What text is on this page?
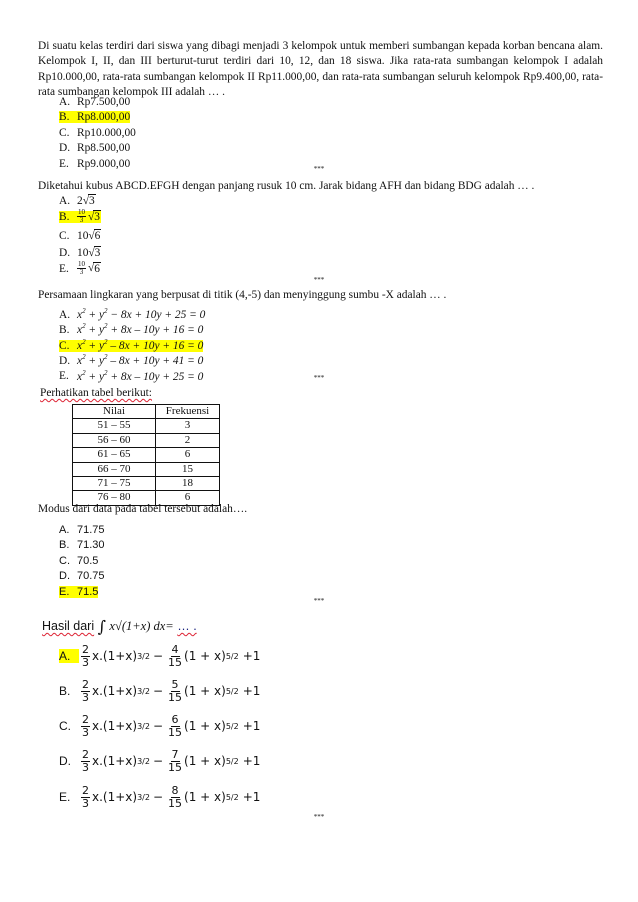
Di suatu kelas terdiri dari siswa yang dibagi menjadi 3 kelompok untuk memberi sumbangan kepada korban bencana alam. Kelompok I, II, dan III berturut-turut terdiri dari 10, 12, dan 18 siswa. Jika rata-rata sumbangan kelompok I adalah Rp10.000,00, rata-rata sumbangan kelompok II Rp11.000,00, dan rata-rata sumbangan seluruh kelompok Rp9.400,00, rata-rata sumbangan kelompok III adalah … .
A. Rp7.500,00
B. Rp8.000,00
C. Rp10.000,00
D. Rp8.500,00
E. Rp9.000,00	***
Diketahui kubus ABCD.EFGH dengan panjang rusuk 10 cm. Jarak bidang AFH dan bidang BDG adalah … .
A. 2√3
B. $\frac{10}{3} √3$
C. 10√6
D. 10√3
E. $\frac{10}{3} √6$
***
Persamaan lingkaran yang berpusat di titik (4,-5) dan menyinggung sumbu -X adalah … .
A. $x^2 + y^2 - 8x + 10y + 25 = 0$
B. $x^2 + y^2 + 8x - 10y + 16 = 0$
C. $x^2 + y^2 - 8x + 10y + 16 = 0$
D. $x^2 + y^2 - 8x + 10y + 41 = 0$
E. $x^2 + y^2 + 8x - 10y + 25 = 0$	***
Perhatikan tabel berikut:
Nilai	Frekuensi
51 – 55	3
56 – 60	2
61 – 65	6
66 – 70	15
71 – 75	18
76 – 80	6
Modus dari data pada tabel tersebut adalah….
A. 71.75
B. 71.30
C. 70.5
D. 70.75
E. 71.5
***
Hasil dari ∫ x√(1+x) dx= … .
A.	2
3 x.(1+x) $3/2 - \frac{4}{15} (1 + x)$ 5/2 +1
B.	2
3 x.(1+x) $3/2 - \frac{5}{15} (1 + x)$ 5/2 +1
C.	2
3 x.(1+x) $3/2 - \frac{6}{15} (1 + x)$ 5/2 +1
D.	2
3 x.(1+x) $3/2 - \frac{7}{15} (1 + x)$ 5/2 +1
E.	2
3 x.(1+x) $3/2 - \frac{8}{15} (1 + x)$ 5/2 +1
***
